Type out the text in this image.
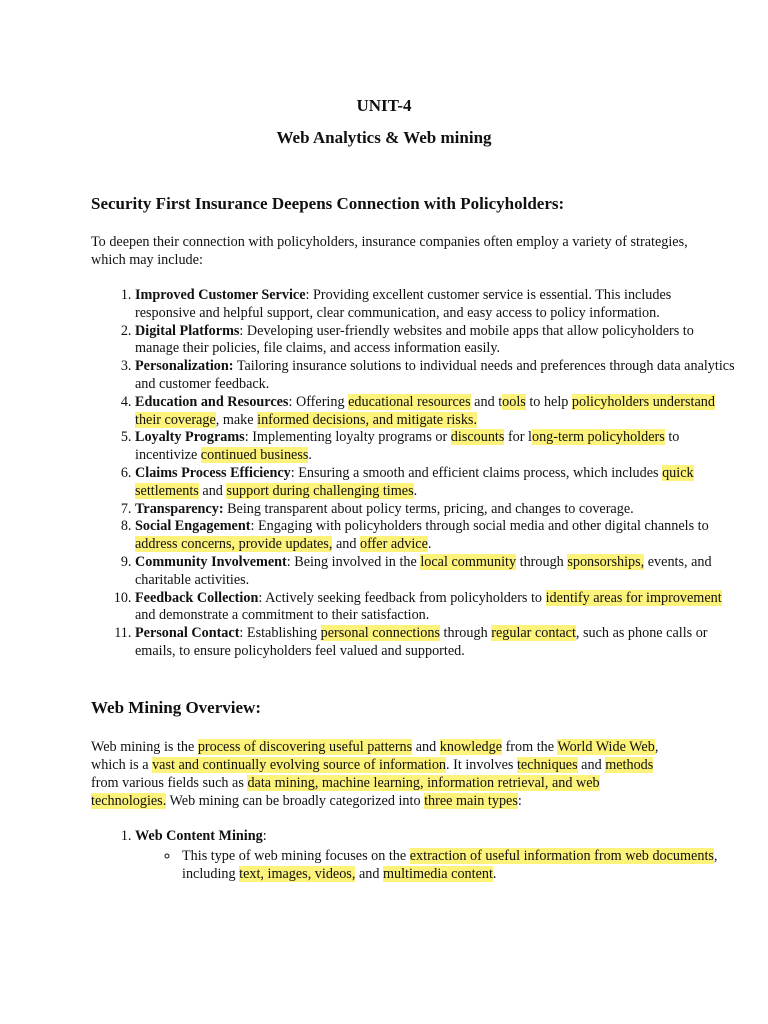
UNIT-4
Web Analytics & Web mining
Security First Insurance Deepens Connection with Policyholders:
To deepen their connection with policyholders, insurance companies often employ a variety of strategies, which may include:
1. Improved Customer Service: Providing excellent customer service is essential. This includes responsive and helpful support, clear communication, and easy access to policy information.
2. Digital Platforms: Developing user-friendly websites and mobile apps that allow policyholders to manage their policies, file claims, and access information easily.
3. Personalization: Tailoring insurance solutions to individual needs and preferences through data analytics and customer feedback.
4. Education and Resources: Offering educational resources and tools to help policyholders understand their coverage, make informed decisions, and mitigate risks.
5. Loyalty Programs: Implementing loyalty programs or discounts for long-term policyholders to incentivize continued business.
6. Claims Process Efficiency: Ensuring a smooth and efficient claims process, which includes quick settlements and support during challenging times.
7. Transparency: Being transparent about policy terms, pricing, and changes to coverage.
8. Social Engagement: Engaging with policyholders through social media and other digital channels to address concerns, provide updates, and offer advice.
9. Community Involvement: Being involved in the local community through sponsorships, events, and charitable activities.
10. Feedback Collection: Actively seeking feedback from policyholders to identify areas for improvement and demonstrate a commitment to their satisfaction.
11. Personal Contact: Establishing personal connections through regular contact, such as phone calls or emails, to ensure policyholders feel valued and supported.
Web Mining Overview:
Web mining is the process of discovering useful patterns and knowledge from the World Wide Web, which is a vast and continually evolving source of information. It involves techniques and methods from various fields such as data mining, machine learning, information retrieval, and web technologies. Web mining can be broadly categorized into three main types:
1. Web Content Mining:
◦ This type of web mining focuses on the extraction of useful information from web documents, including text, images, videos, and multimedia content.
